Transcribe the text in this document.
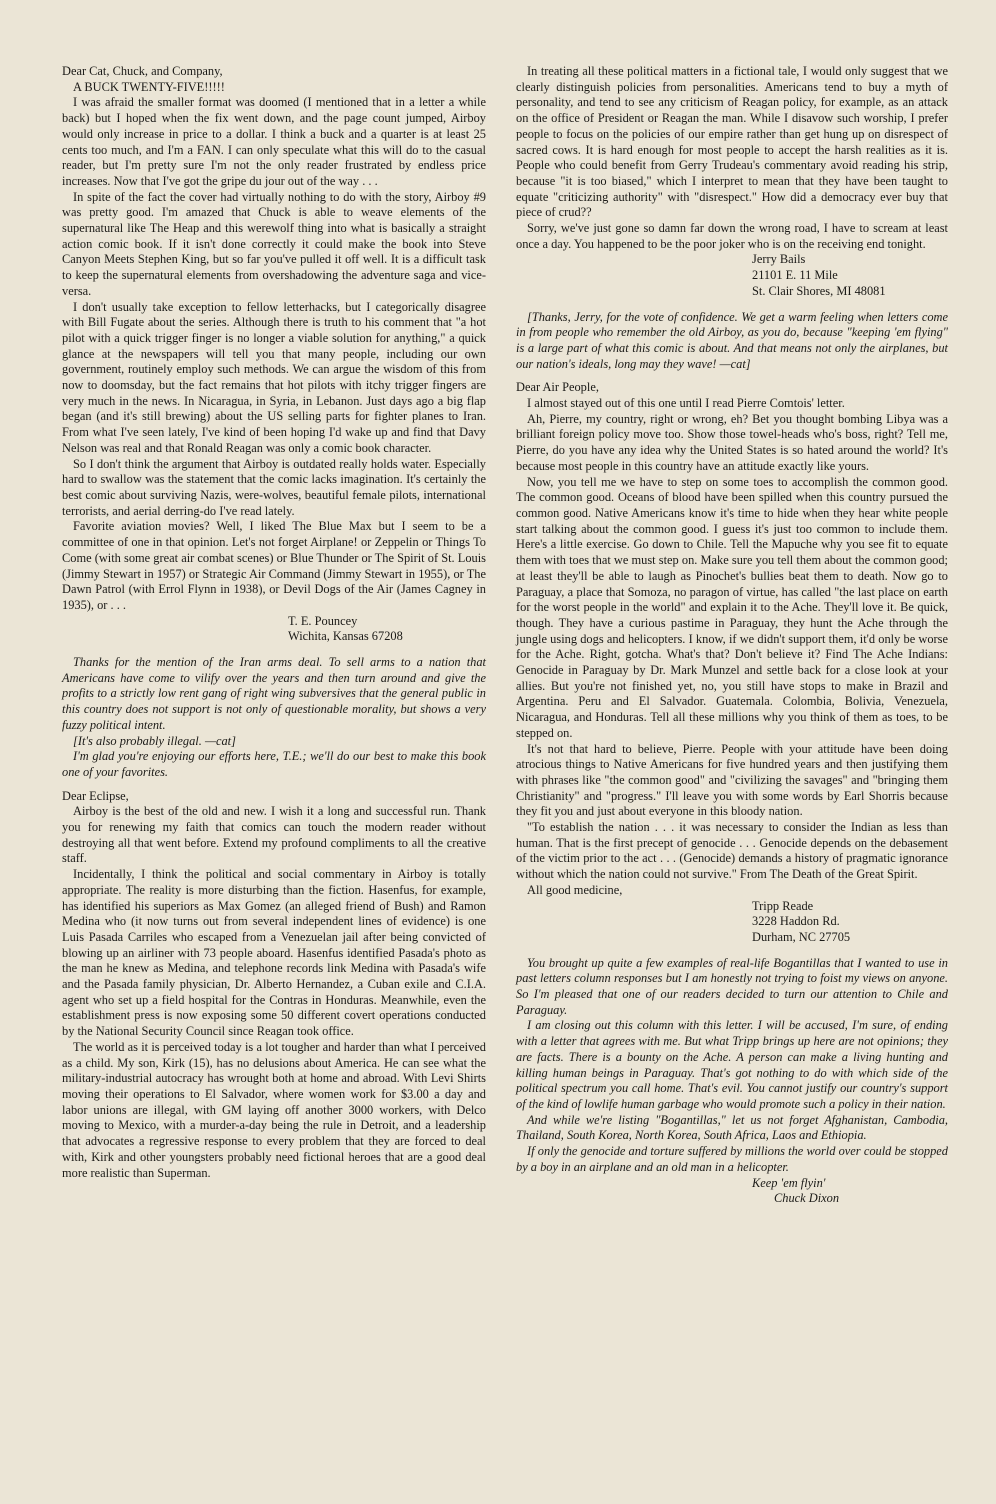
Dear Cat, Chuck, and Company,

A BUCK TWENTY-FIVE!!!!!

I was afraid the smaller format was doomed (I mentioned that in a letter a while back) but I hoped when the fix went down, and the page count jumped, Airboy would only increase in price to a dollar. I think a buck and a quarter is at least 25 cents too much, and I'm a FAN. I can only speculate what this will do to the casual reader, but I'm pretty sure I'm not the only reader frustrated by endless price increases. Now that I've got the gripe du jour out of the way . . .

In spite of the fact the cover had virtually nothing to do with the story, Airboy #9 was pretty good. I'm amazed that Chuck is able to weave elements of the supernatural like The Heap and this werewolf thing into what is basically a straight action comic book. If it isn't done correctly it could make the book into Steve Canyon Meets Stephen King, but so far you've pulled it off well. It is a difficult task to keep the supernatural elements from overshadowing the adventure saga and vice-versa.

I don't usually take exception to fellow letterhacks, but I categorically disagree with Bill Fugate about the series. Although there is truth to his comment that "a hot pilot with a quick trigger finger is no longer a viable solution for anything," a quick glance at the newspapers will tell you that many people, including our own government, routinely employ such methods. We can argue the wisdom of this from now to doomsday, but the fact remains that hot pilots with itchy trigger fingers are very much in the news. In Nicaragua, in Syria, in Lebanon. Just days ago a big flap began (and it's still brewing) about the US selling parts for fighter planes to Iran. From what I've seen lately, I've kind of been hoping I'd wake up and find that Davy Nelson was real and that Ronald Reagan was only a comic book character.

So I don't think the argument that Airboy is outdated really holds water. Especially hard to swallow was the statement that the comic lacks imagination. It's certainly the best comic about surviving Nazis, were-wolves, beautiful female pilots, international terrorists, and aerial derring-do I've read lately.

Favorite aviation movies? Well, I liked The Blue Max but I seem to be a committee of one in that opinion. Let's not forget Airplane! or Zeppelin or Things To Come (with some great air combat scenes) or Blue Thunder or The Spirit of St. Louis (Jimmy Stewart in 1957) or Strategic Air Command (Jimmy Stewart in 1955), or The Dawn Patrol (with Errol Flynn in 1938), or Devil Dogs of the Air (James Cagney in 1935), or . . .

T. E. Pouncey
Wichita, Kansas 67208

Thanks for the mention of the Iran arms deal. To sell arms to a nation that Americans have come to vilify over the years and then turn around and give the profits to a strictly low rent gang of right wing subversives that the general public in this country does not support is not only of questionable morality, but shows a very fuzzy political intent.

[It's also probably illegal. —cat]

I'm glad you're enjoying our efforts here, T.E.; we'll do our best to make this book one of your favorites.

Dear Eclipse,

Airboy is the best of the old and new. I wish it a long and successful run. Thank you for renewing my faith that comics can touch the modern reader without destroying all that went before. Extend my profound compliments to all the creative staff.

Incidentally, I think the political and social commentary in Airboy is totally appropriate. The reality is more disturbing than the fiction. Hasenfus, for example, has identified his superiors as Max Gomez (an alleged friend of Bush) and Ramon Medina who (it now turns out from several independent lines of evidence) is one Luis Pasada Carriles who escaped from a Venezuelan jail after being convicted of blowing up an airliner with 73 people aboard. Hasenfus identified Pasada's photo as the man he knew as Medina, and telephone records link Medina with Pasada's wife and the Pasada family physician, Dr. Alberto Hernandez, a Cuban exile and C.I.A. agent who set up a field hospital for the Contras in Honduras. Meanwhile, even the establishment press is now exposing some 50 different covert operations conducted by the National Security Council since Reagan took office.

The world as it is perceived today is a lot tougher and harder than what I perceived as a child. My son, Kirk (15), has no delusions about America. He can see what the military-industrial autocracy has wrought both at home and abroad. With Levi Shirts moving their operations to El Salvador, where women work for $3.00 a day and labor unions are illegal, with GM laying off another 3000 workers, with Delco moving to Mexico, with a murder-a-day being the rule in Detroit, and a leadership that advocates a regressive response to every problem that they are forced to deal with, Kirk and other youngsters probably need fictional heroes that are a good deal more realistic than Superman.

In treating all these political matters in a fictional tale, I would only suggest that we clearly distinguish policies from personalities. Americans tend to buy a myth of personality, and tend to see any criticism of Reagan policy, for example, as an attack on the office of President or Reagan the man. While I disavow such worship, I prefer people to focus on the policies of our empire rather than get hung up on disrespect of sacred cows. It is hard enough for most people to accept the harsh realities as it is. People who could benefit from Gerry Trudeau's commentary avoid reading his strip, because "it is too biased," which I interpret to mean that they have been taught to equate "criticizing authority" with "disrespect." How did a democracy ever buy that piece of crud??

Sorry, we've just gone so damn far down the wrong road, I have to scream at least once a day. You happened to be the poor joker who is on the receiving end tonight.

Jerry Bails
21101 E. 11 Mile
St. Clair Shores, MI 48081

[Thanks, Jerry, for the vote of confidence. We get a warm feeling when letters come in from people who remember the old Airboy, as you do, because "keeping 'em flying" is a large part of what this comic is about. And that means not only the airplanes, but our nation's ideals, long may they wave! —cat]

Dear Air People,

I almost stayed out of this one until I read Pierre Comtois' letter.

Ah, Pierre, my country, right or wrong, eh? Bet you thought bombing Libya was a brilliant foreign policy move too. Show those towel-heads who's boss, right? Tell me, Pierre, do you have any idea why the United States is so hated around the world? It's because most people in this country have an attitude exactly like yours.

Now, you tell me we have to step on some toes to accomplish the common good. The common good. Oceans of blood have been spilled when this country pursued the common good. Native Americans know it's time to hide when they hear white people start talking about the common good. I guess it's just too common to include them. Here's a little exercise. Go down to Chile. Tell the Mapuche why you see fit to equate them with toes that we must step on. Make sure you tell them about the common good; at least they'll be able to laugh as Pinochet's bullies beat them to death. Now go to Paraguay, a place that Somoza, no paragon of virtue, has called "the last place on earth for the worst people in the world" and explain it to the Ache. They'll love it. Be quick, though. They have a curious pastime in Paraguay, they hunt the Ache through the jungle using dogs and helicopters. I know, if we didn't support them, it'd only be worse for the Ache. Right, gotcha. What's that? Don't believe it? Find The Ache Indians: Genocide in Paraguay by Dr. Mark Munzel and settle back for a close look at your allies. But you're not finished yet, no, you still have stops to make in Brazil and Argentina. Peru and El Salvador. Guatemala. Colombia, Bolivia, Venezuela, Nicaragua, and Honduras. Tell all these millions why you think of them as toes, to be stepped on.

It's not that hard to believe, Pierre. People with your attitude have been doing atrocious things to Native Americans for five hundred years and then justifying them with phrases like "the common good" and "civilizing the savages" and "bringing them Christianity" and "progress." I'll leave you with some words by Earl Shorris because they fit you and just about everyone in this bloody nation.

"To establish the nation . . . it was necessary to consider the Indian as less than human. That is the first precept of genocide . . . Genocide depends on the debasement of the victim prior to the act . . . (Genocide) demands a history of pragmatic ignorance without which the nation could not survive." From The Death of the Great Spirit.

All good medicine,

Tripp Reade
3228 Haddon Rd.
Durham, NC 27705

You brought up quite a few examples of real-life Bogantillas that I wanted to use in past letters column responses but I am honestly not trying to foist my views on anyone. So I'm pleased that one of our readers decided to turn our attention to Chile and Paraguay.

I am closing out this column with this letter. I will be accused, I'm sure, of ending with a letter that agrees with me. But what Tripp brings up here are not opinions; they are facts. There is a bounty on the Ache. A person can make a living hunting and killing human beings in Paraguay. That's got nothing to do with which side of the political spectrum you call home. That's evil. You cannot justify our country's support of the kind of lowlife human garbage who would promote such a policy in their nation.

And while we're listing "Bogantillas," let us not forget Afghanistan, Cambodia, Thailand, South Korea, North Korea, South Africa, Laos and Ethiopia.

If only the genocide and torture suffered by millions the world over could be stopped by a boy in an airplane and an old man in a helicopter.

Keep 'em flyin'
Chuck Dixon
